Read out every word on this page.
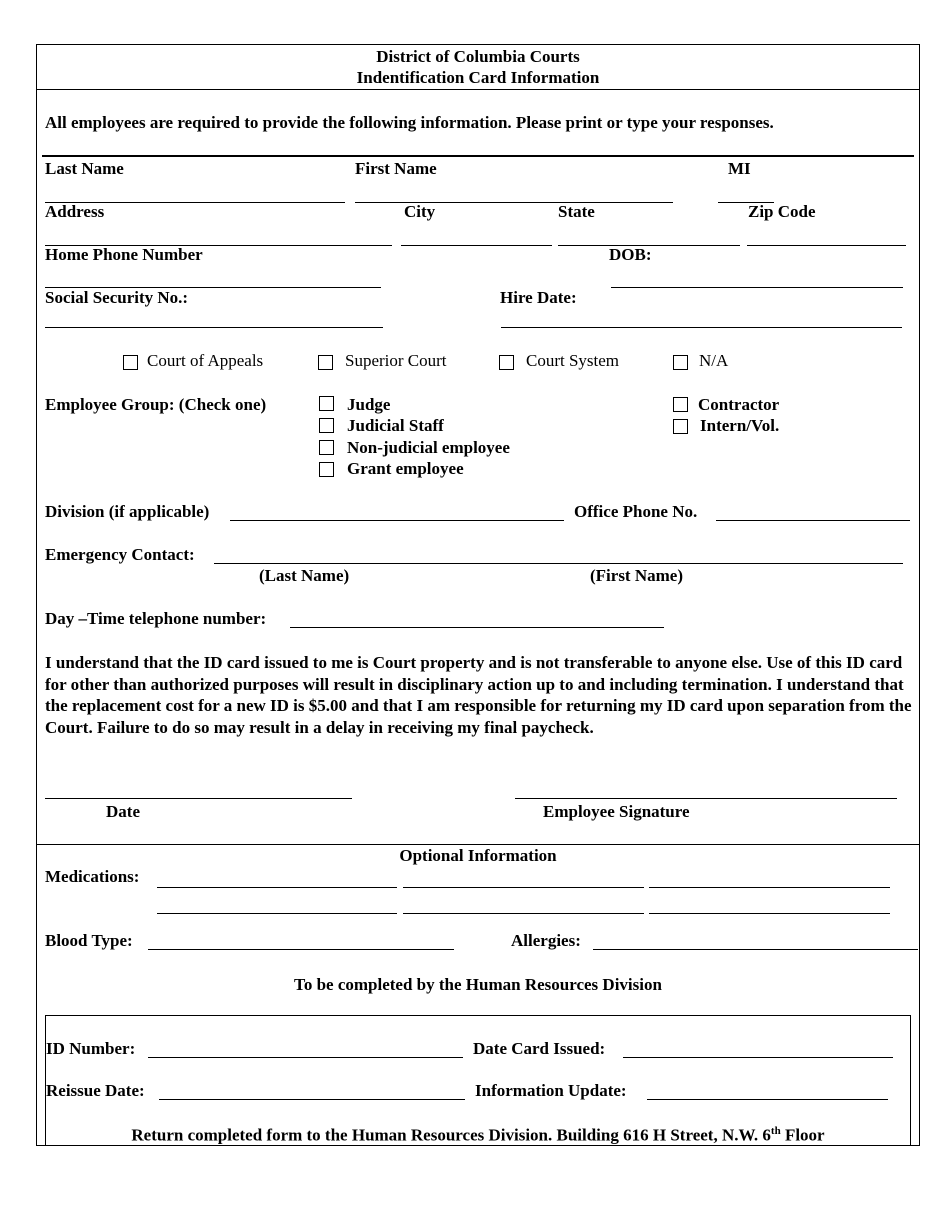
District of Columbia Courts
Indentification Card Information
All employees are required to provide the following information. Please print or type your responses.
Last Name	First Name	MI
Address	City	State	Zip Code
Home Phone Number	DOB:
Social Security No.:	Hire Date:
Court of Appeals	Superior Court	Court System	N/A
Employee Group: (Check one)	Judge
Judicial Staff
Non-judicial employee
Grant employee
Contractor
Intern/Vol.
Division (if applicable)	Office Phone No.
Emergency Contact:
(Last Name)	(First Name)
Day –Time telephone number:
I understand that the ID card issued to me is Court property and is not transferable to anyone else. Use of this ID card for other than authorized purposes will result in disciplinary action up to and including termination. I understand that the replacement cost for a new ID is $5.00 and that I am responsible for returning my ID card upon separation from the Court. Failure to do so may result in a delay in receiving my final paycheck.
Date	Employee Signature
Optional Information
Medications:
Blood Type:	Allergies:
To be completed by the Human Resources Division
ID Number:	Date Card Issued:
Reissue Date:	Information Update:
Return completed form to the Human Resources Division. Building 616 H Street, N.W. 6th Floor
